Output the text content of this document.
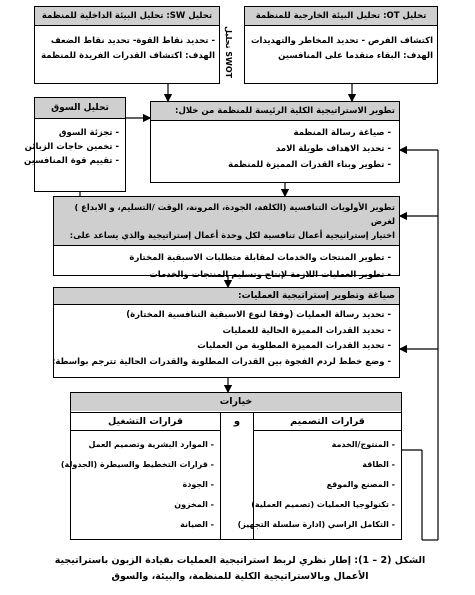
تحليل OT: تحليل البيئة الخارجية للمنظمة
اكتشاف الفرص - تحديد المخاطر والتهديدات
الهدف: البقاء متقدما على المنافسين
تحليل SWOT
تحليل SW: تحليل البيئة الداخلية للمنظمة
- تحديد نقاط القوة- تحديد نقاط الضعف
الهدف: اكتشاف القدرات الفريدة للمنظمة
تحليل السوق
- تجزئة السوق
- تخمين حاجات الزبائن
- تقييم قوة المنافسين
تطوير الاستراتيجية الكلية الرئيسة للمنظمة من خلال:
- صياغة رسالة المنظمة
- تحديد الاهداف طويلة الامد
- تطوير وبناء القدرات المميزة للمنظمة
تطوير الأولويات التنافسية (الكلفة، الجودة، المرونة، الوقت /التسليم، و الابداع ) لغرض
اختيار إستراتيجية أعمال تنافسية لكل وحدة أعمال إستراتيجية والذي يساعد على:
- تطوير المنتجات والخدمات لمقابلة متطلبات الاسبقية المختارة
- تطوير العمليات اللازمة لإنتاج وتسليم المنتجات والخدمات
صياغة وتطوير إستراتيجية العمليات:
- تحديد رسالة العمليات (وفقا لنوع الاسبقية التنافسية المختارة)
- تحديد القدرات المميزة الحالية للعمليات
- تحديد القدرات المميزة المطلوبة من العمليات
- وضع خطط لردم الفجوة بين القدرات المطلوبة والقدرات الحالية تترجم بواسطة:
خيارات
قرارات التشغيل	و	قرارات التصميم
- الموارد البشرية وتصميم العمل
- قرارات التخطيط والسيطرة (الجدولة)
- الجودة
- المخزون
- الصيانة
- المنتوج/الخدمة
- الطاقة
- المصنع والموقع
- تكنولوجيا العمليات (تصميم العملية)
- التكامل الراسي (ادارة سلسلة التجهيز)
الشكل (2 – 1): إطار نظري لربط استراتيجية العمليات بقيادة الزبون باستراتيجية
الأعمال وبالاستراتيجية الكلية للمنظمة، والبيئة، والسوق
